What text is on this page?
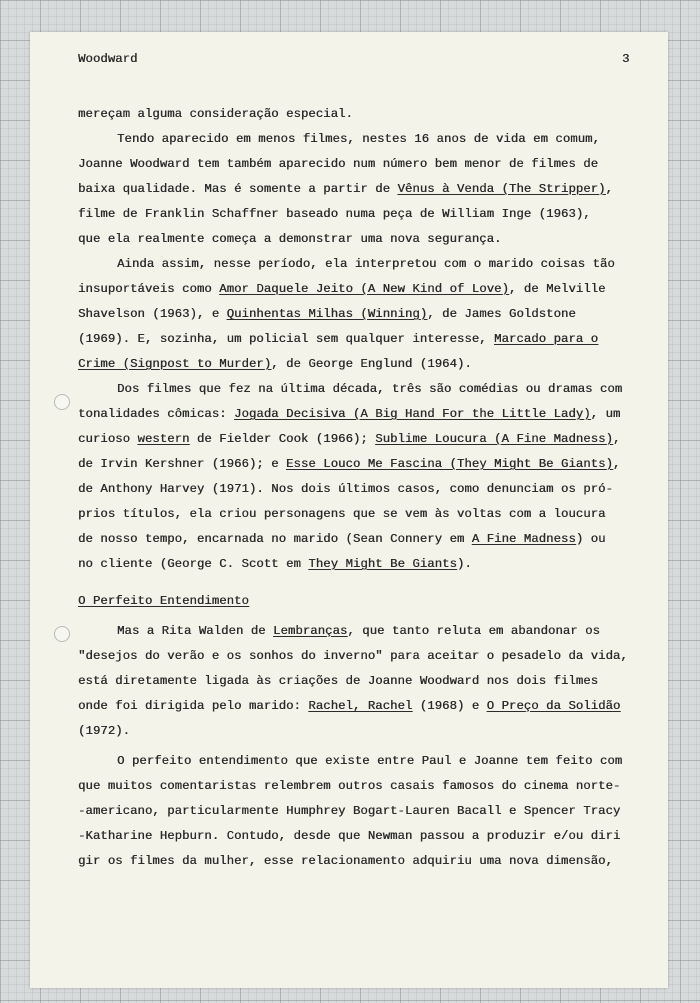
Woodward	3
mereçam alguma consideração especial.
Tendo aparecido em menos filmes, nestes 16 anos de vida em comum,
Joanne Woodward tem também aparecido num número bem menor de filmes de
baixa qualidade. Mas é somente a partir de Vênus à Venda (The Stripper),
filme de Franklin Schaffner baseado numa peça de William Inge (1963),
que ela realmente começa a demonstrar uma nova segurança.
Ainda assim, nesse período, ela interpretou com o marido coisas tão
insuportáveis como Amor Daquele Jeito (A New Kind of Love), de Melville
Shavelson (1963), e Quinhentas Milhas (Winning), de James Goldstone
(1969). E, sozinha, um policial sem qualquer interesse, Marcado para o
Crime (Signpost to Murder), de George Englund (1964).
Dos filmes que fez na última década, três são comédias ou dramas com
tonalidades cômicas: Jogada Decisiva (A Big Hand For the Little Lady), um
curioso western de Fielder Cook (1966); Sublime Loucura (A Fine Madness),
de Irvin Kershner (1966); e Esse Louco Me Fascina (They Might Be Giants),
de Anthony Harvey (1971). Nos dois últimos casos, como denunciam os pró-
prios títulos, ela criou personagens que se vem às voltas com a loucura
de nosso tempo, encarnada no marido (Sean Connery em A Fine Madness) ou
no cliente (George C. Scott em They Might Be Giants).
O Perfeito Entendimento
Mas a Rita Walden de Lembranças, que tanto reluta em abandonar os
"desejos do verão e os sonhos do inverno" para aceitar o pesadelo da vida,
está diretamente ligada às criações de Joanne Woodward nos dois filmes
onde foi dirigida pelo marido: Rachel, Rachel (1968) e O Preço da Solidão
(1972).
O perfeito entendimento que existe entre Paul e Joanne tem feito com
que muitos comentaristas relembrem outros casais famosos do cinema norte-
-americano, particularmente Humphrey Bogart-Lauren Bacall e Spencer Tracy
-Katharine Hepburn. Contudo, desde que Newman passou a produzir e/ou diri
gir os filmes da mulher, esse relacionamento adquiriu uma nova dimensão,
